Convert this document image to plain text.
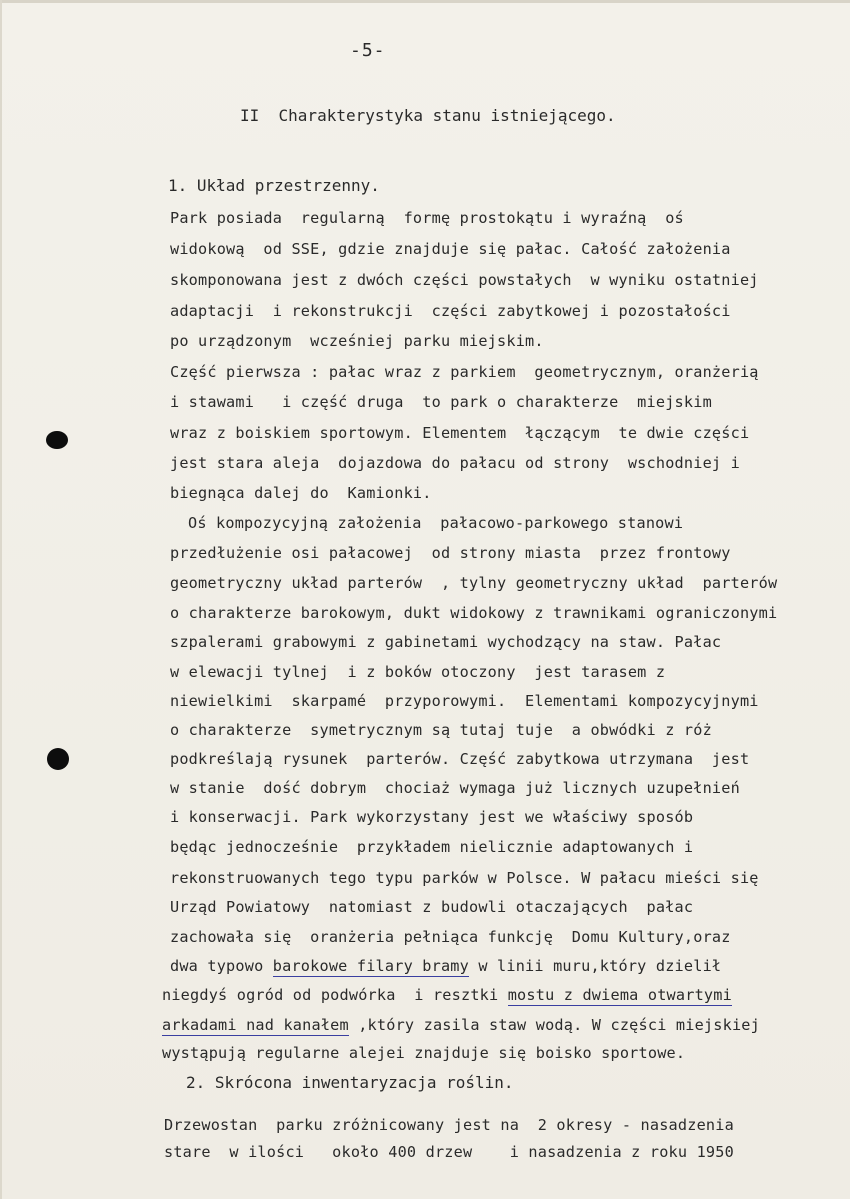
-5-
II  Charakterystyka stanu istniejącego.
1. Układ przestrzenny.
Park posiada  regularną  formę prostokątu i wyraźną  oś
widokową  od SSE, gdzie znajduje się pałac. Całość założenia
skomponowana jest z dwóch części powstałych  w wyniku ostatniej
adaptacji  i rekonstrukcji  części zabytkowej i pozostałości
po urządzonym  wcześniej parku miejskim.
Część pierwsza : pałac wraz z parkiem  geometrycznym, oranżerią
i stawami   i część druga  to park o charakterze  miejskim
wraz z boiskiem sportowym. Elementem  łączącym  te dwie części
jest stara aleja  dojazdowa do pałacu od strony  wschodniej i
biegnąca dalej do  Kamionki.
Oś kompozycyjną założenia  pałacowo-parkowego stanowi
przedłużenie osi pałacowej  od strony miasta  przez frontowy
geometryczny układ parterów  , tylny geometryczny układ  parterów
o charakterze barokowym, dukt widokowy z trawnikami ograniczonymi
szpalerami grabowymi z gabinetami wychodzący na staw. Pałac
w elewacji tylnej  i z boków otoczony  jest tarasem z
niewielkimi  skarpamé  przyporowymi.  Elementami kompozycyjnymi
o charakterze  symetrycznym są tutaj tuje  a obwódki z róż
podkreślają rysunek  parterów. Część zabytkowa utrzymana  jest
w stanie  dość dobrym  chociaż wymaga już licznych uzupełnień
i konserwacji. Park wykorzystany jest we właściwy sposób
będąc jednocześnie  przykładem nielicznie adaptowanych i
rekonstruowanych tego typu parków w Polsce. W pałacu mieści się
Urząd Powiatowy  natomiast z budowli otaczających  pałac
zachowała się  oranżeria pełniąca funkcję  Domu Kultury,oraz
dwa typowo barokowe filary bramy w linii muru,który dzielił
niegdyś ogród od podwórka  i resztki mostu z dwiema otwartymi
arkadami nad kanałem ,który zasila staw wodą. W części miejskiej
wystąpują regularne alejei znajduje się boisko sportowe.
2. Skrócona inwentaryzacja roślin.
Drzewostan  parku zróżnicowany jest na  2 okresy - nasadzenia
stare  w ilości   około 400 drzew    i nasadzenia z roku 1950
